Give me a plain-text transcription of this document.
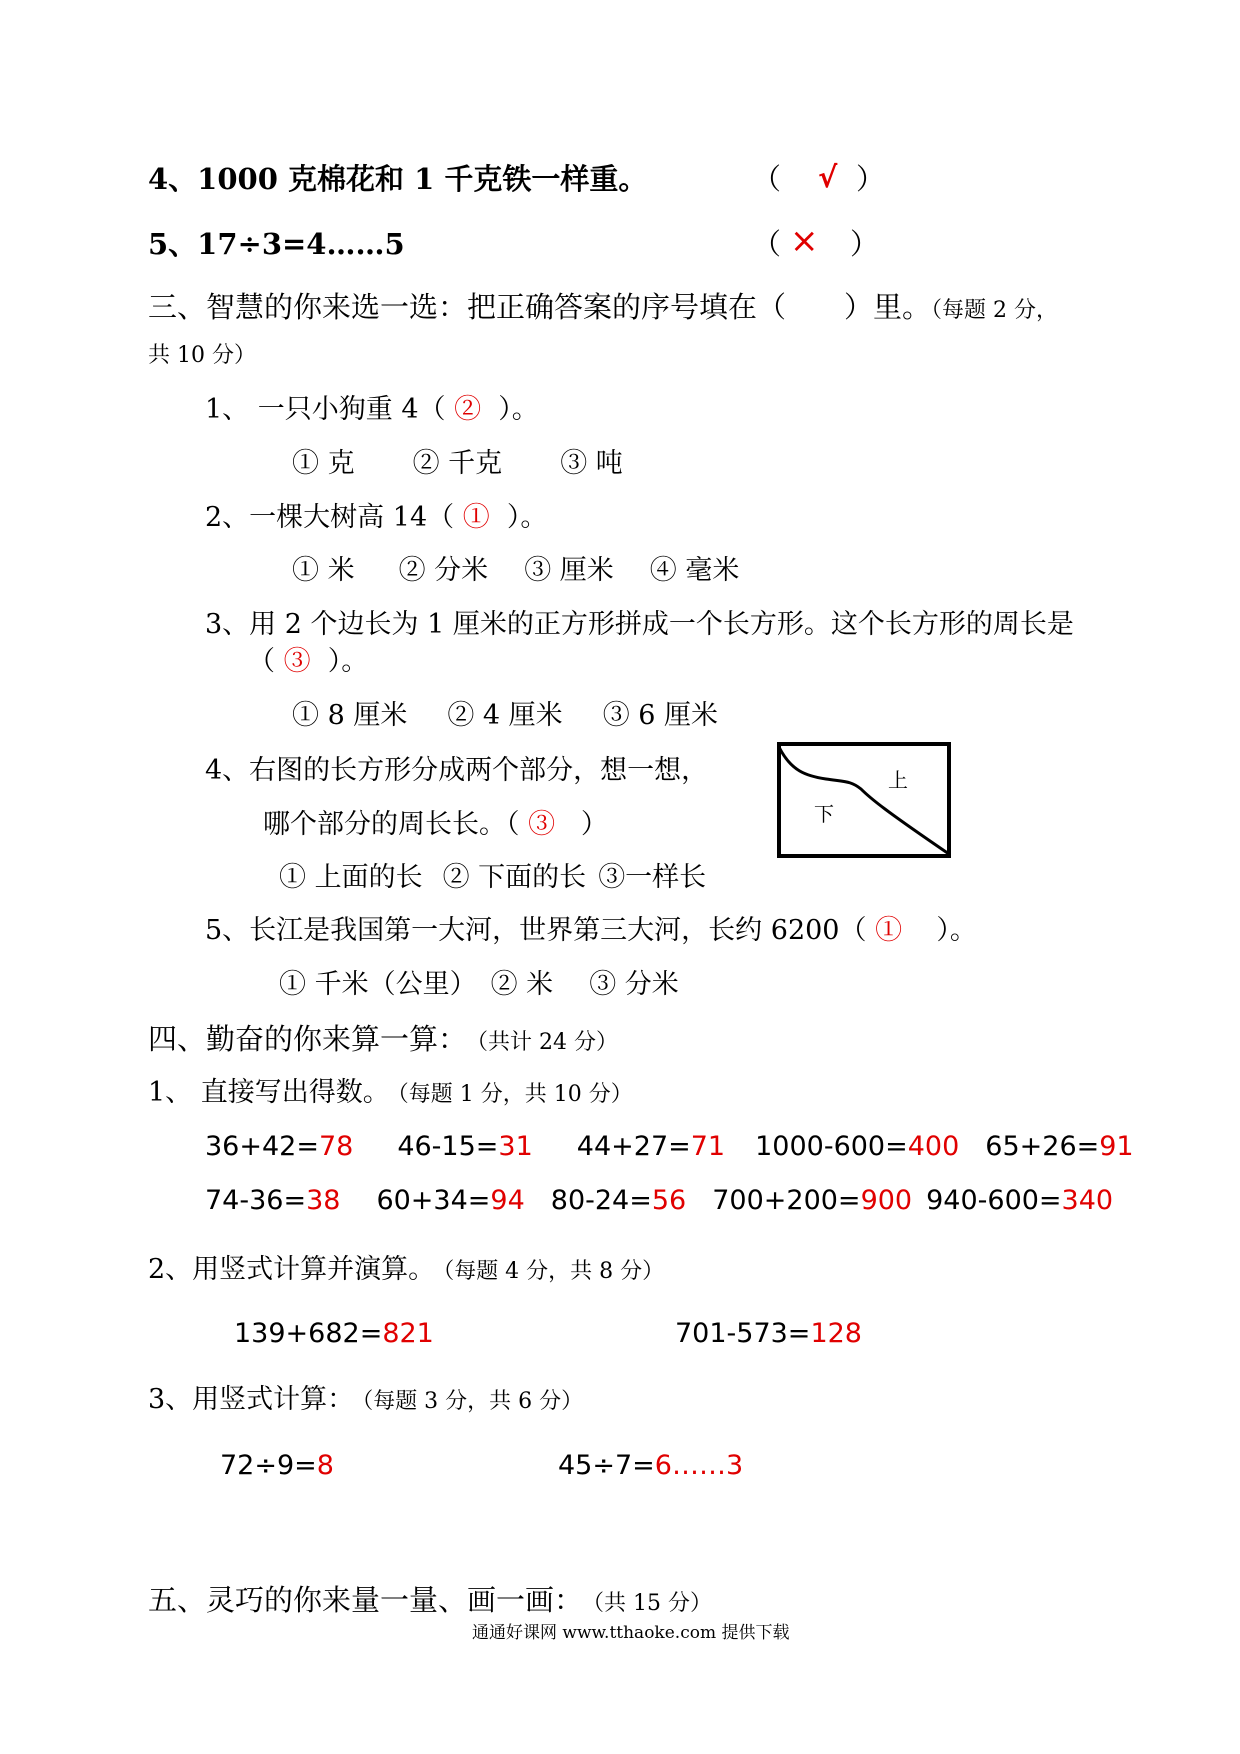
4、1000 克棉花和 1 千克铁一样重。	（ √ ）
5、17÷3=4……5	（ × ）
三、智慧的你来选一选：把正确答案的序号填在（　　）里。（每题 2 分，
共 10 分）
1、 一只小狗重 4（ ② ）。
① 克 ② 千克 ③ 吨
2、一棵大树高 14（ ① ）。
① 米 ② 分米 ③ 厘米 ④ 毫米
3、用 2 个边长为 1 厘米的正方形拼成一个长方形。这个长方形的周长是
（ ③ ）。
① 8 厘米 ② 4 厘米 ③ 6 厘米
4、右图的长方形分成两个部分，想一想，
哪个部分的周长长。（ ③ ）
① 上面的长 ② 下面的长 ③一样长
上
下
5、长江是我国第一大河，世界第三大河，长约 6200（ ① ）。
① 千米（公里） ② 米 ③ 分米
四、勤奋的你来算一算： （共计 24 分）
1、 直接写出得数。 （每题 1 分，共 10 分）
36+42=78 46-15=31 44+27=71 1000-600=400 65+26=91
74-36=38 60+34=94 80-24=56 700+200=900 940-600=340
2、用竖式计算并演算。 （每题 4 分，共 8 分）
139+682=821	701-573=128
3、用竖式计算： （每题 3 分，共 6 分）
72÷9=8	45÷7=6……3
五、灵巧的你来量一量、画一画： （共 15 分）
通通好课网 www.tthaoke.com 提供下载
